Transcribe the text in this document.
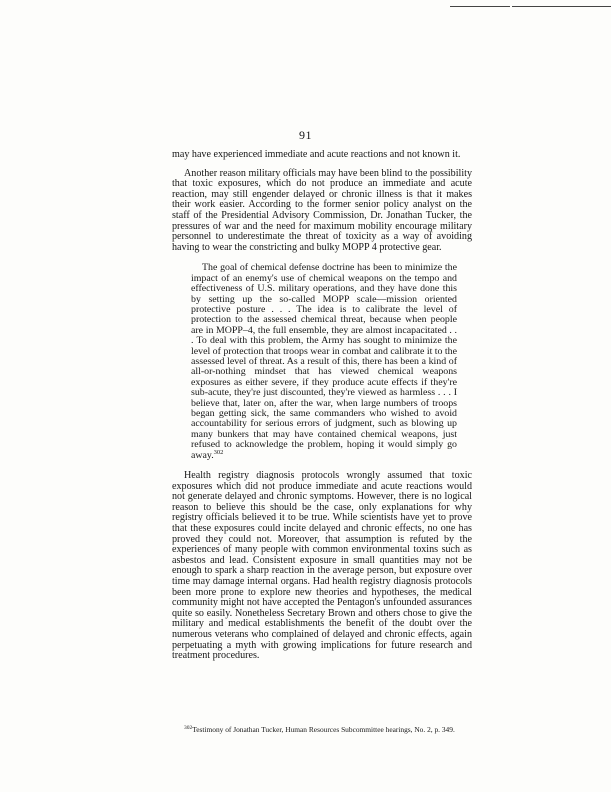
91

may have experienced immediate and acute reactions and not known it.

Another reason military officials may have been blind to the possibility that toxic exposures, which do not produce an immediate and acute reaction, may still engender delayed or chronic illness is that it makes their work easier. According to the former senior policy analyst on the staff of the Presidential Advisory Commission, Dr. Jonathan Tucker, the pressures of war and the need for maximum mobility encourage military personnel to underestimate the threat of toxicity as a way of avoiding having to wear the constricting and bulky MOPP 4 protective gear.

The goal of chemical defense doctrine has been to minimize the impact of an enemy's use of chemical weapons on the tempo and effectiveness of U.S. military operations, and they have done this by setting up the so-called MOPP scale—mission oriented protective posture . . . The idea is to calibrate the level of protection to the assessed chemical threat, because when people are in MOPP–4, the full ensemble, they are almost incapacitated . . . To deal with this problem, the Army has sought to minimize the level of protection that troops wear in combat and calibrate it to the assessed level of threat. As a result of this, there has been a kind of all-or-nothing mindset that has viewed chemical weapons exposures as either severe, if they produce acute effects if they're sub-acute, they're just discounted, they're viewed as harmless . . . I believe that, later on, after the war, when large numbers of troops began getting sick, the same commanders who wished to avoid accountability for serious errors of judgment, such as blowing up many bunkers that may have contained chemical weapons, just refused to acknowledge the problem, hoping it would simply go away.$^{302}$

Health registry diagnosis protocols wrongly assumed that toxic exposures which did not produce immediate and acute reactions would not generate delayed and chronic symptoms. However, there is no logical reason to believe this should be the case, only explanations for why registry officials believed it to be true. While scientists have yet to prove that these exposures could incite delayed and chronic effects, no one has proved they could not. Moreover, that assumption is refuted by the experiences of many people with common environmental toxins such as asbestos and lead. Consistent exposure in small quantities may not be enough to spark a sharp reaction in the average person, but exposure over time may damage internal organs. Had health registry diagnosis protocols been more prone to explore new theories and hypotheses, the medical community might not have accepted the Pentagon's unfounded assurances quite so easily. Nonetheless Secretary Brown and others chose to give the military and medical establishments the benefit of the doubt over the numerous veterans who complained of delayed and chronic effects, again perpetuating a myth with growing implications for future research and treatment procedures.

$^{302}$Testimony of Jonathan Tucker, Human Resources Subcommittee hearings, No. 2, p. 349.
